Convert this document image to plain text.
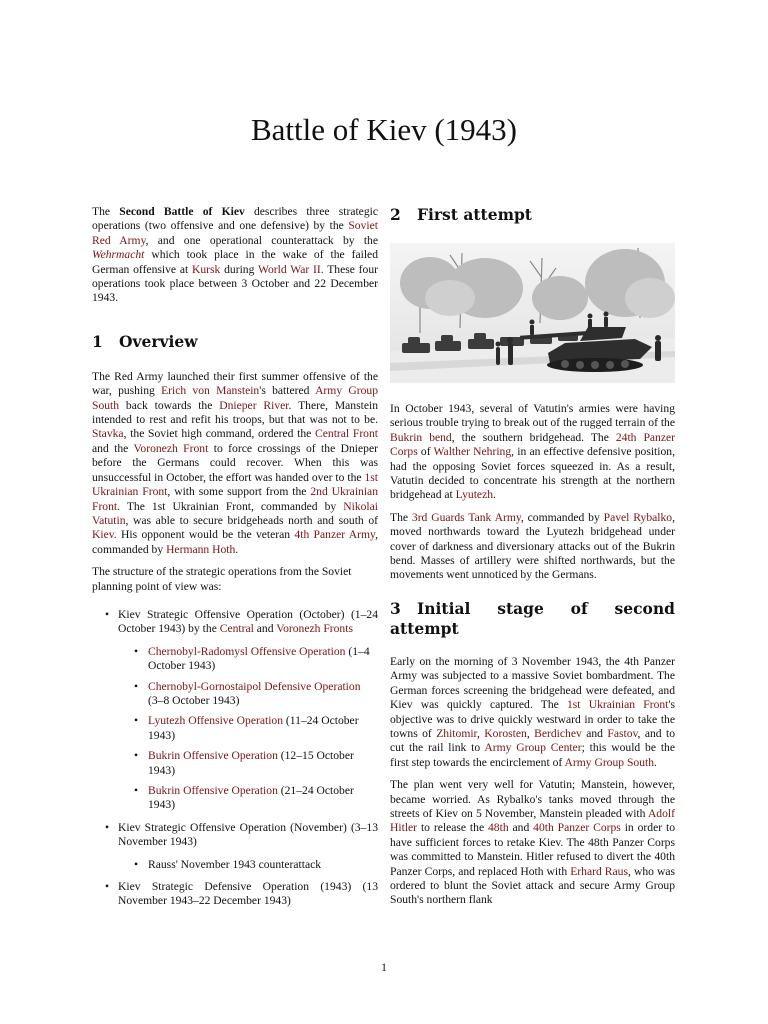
Battle of Kiev (1943)

The Second Battle of Kiev describes three strategic operations (two offensive and one defensive) by the Soviet Red Army, and one operational counterattack by the Wehrmacht which took place in the wake of the failed German offensive at Kursk during World War II. These four operations took place between 3 October and 22 December 1943.

1 Overview

The Red Army launched their first summer offensive of the war, pushing Erich von Manstein's battered Army Group South back towards the Dnieper River. There, Manstein intended to rest and refit his troops, but that was not to be. Stavka, the Soviet high command, ordered the Central Front and the Voronezh Front to force crossings of the Dnieper before the Germans could recover. When this was unsuccessful in October, the effort was handed over to the 1st Ukrainian Front, with some support from the 2nd Ukrainian Front. The 1st Ukrainian Front, commanded by Nikolai Vatutin, was able to secure bridgeheads north and south of Kiev. His opponent would be the veteran 4th Panzer Army, commanded by Hermann Hoth.

The structure of the strategic operations from the Soviet planning point of view was:

• Kiev Strategic Offensive Operation (October) (1–24 October 1943) by the Central and Voronezh Fronts
• Chernobyl-Radomysl Offensive Operation (1–4 October 1943)
• Chernobyl-Gornostaipol Defensive Operation (3–8 October 1943)
• Lyutezh Offensive Operation (11–24 October 1943)
• Bukrin Offensive Operation (12–15 October 1943)
• Bukrin Offensive Operation (21–24 October 1943)
• Kiev Strategic Offensive Operation (November) (3–13 November 1943)
• Rauss' November 1943 counterattack
• Kiev Strategic Defensive Operation (1943) (13 November 1943–22 December 1943)
2 First attempt

In October 1943, several of Vatutin's armies were having serious trouble trying to break out of the rugged terrain of the Bukrin bend, the southern bridgehead. The 24th Panzer Corps of Walther Nehring, in an effective defensive position, had the opposing Soviet forces squeezed in. As a result, Vatutin decided to concentrate his strength at the northern bridgehead at Lyutezh.

The 3rd Guards Tank Army, commanded by Pavel Rybalko, moved northwards toward the Lyutezh bridgehead under cover of darkness and diversionary attacks out of the Bukrin bend. Masses of artillery were shifted northwards, but the movements went unnoticed by the Germans.

3 Initial stage of second attempt

Early on the morning of 3 November 1943, the 4th Panzer Army was subjected to a massive Soviet bombardment. The German forces screening the bridgehead were defeated, and Kiev was quickly captured. The 1st Ukrainian Front's objective was to drive quickly westward in order to take the towns of Zhitomir, Korosten, Berdichev and Fastov, and to cut the rail link to Army Group Center; this would be the first step towards the encirclement of Army Group South.

The plan went very well for Vatutin; Manstein, however, became worried. As Rybalko's tanks moved through the streets of Kiev on 5 November, Manstein pleaded with Adolf Hitler to release the 48th and 40th Panzer Corps in order to have sufficient forces to retake Kiev. The 48th Panzer Corps was committed to Manstein. Hitler refused to divert the 40th Panzer Corps, and replaced Hoth with Erhard Raus, who was ordered to blunt the Soviet attack and secure Army Group South's northern flank

1
